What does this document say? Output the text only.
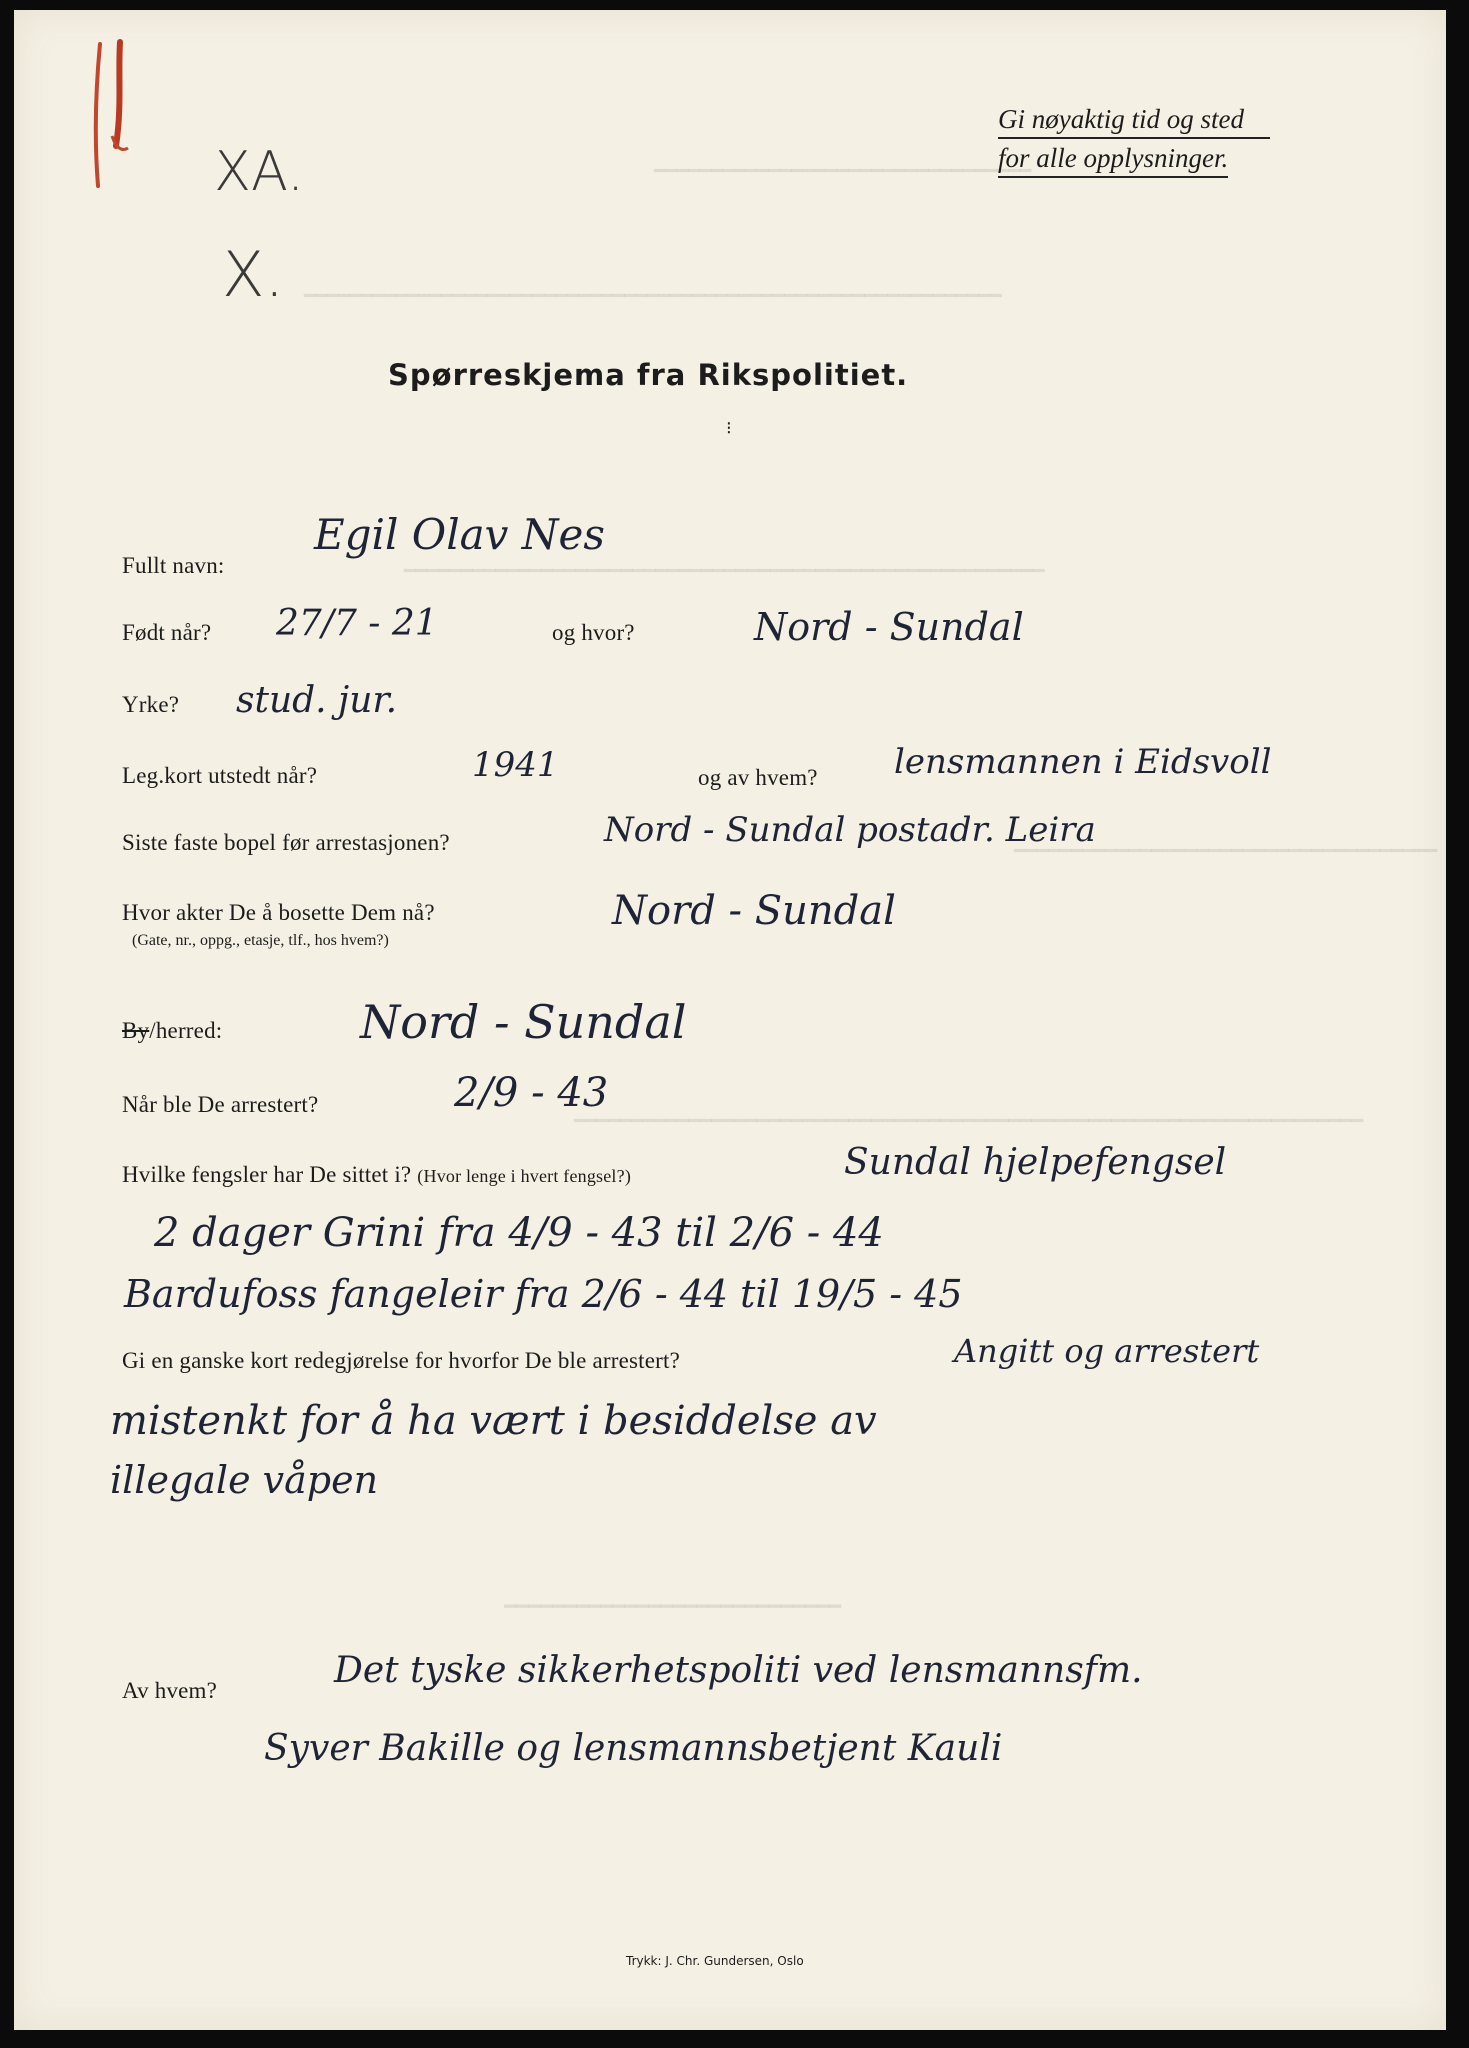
━━━━━━━━━━━━━━━━━━━━━━━━━━━━━━━━━
━━━━━━━━━━━━━━━━━━━━━━━━━━━━━━━━━━━━━━━━━━━━━━━━━━━━━━━━━━━━━
━━━━━━━━━━━━━━━━━━━━━━━━━━━━━━━━━━━━━━━━━━━━━━━━━━━━━━━━
━━━━━━━━━━━━━━━━━━━━━━━━━━━━━━━━━━━━━
━━━━━━━━━━━━━━━━━━━━━━━━━━━━━━━━━━━━━━━━━━━━━━━━━━━━━━━━━━━━━━━━━━━━━
Gi nøyaktig tid og sted
for alle opplysninger.
XA.
X.
Spørreskjema fra Rikspolitiet.
⁝
Fullt navn:
Egil Olav Nes
Født når? 27/7 - 21	og hvor?	Nord - Sundal
Yrke? stud. jur.
Leg.kort utstedt når?	1941	og av hvem? lensmannen i Eidsvoll
Siste faste bopel før arrestasjonen?	Nord - Sundal postadr. Leira
Hvor akter De å bosette Dem nå?
(Gate, nr., oppg., etasje, tlf., hos hvem?)
Nord - Sundal
By/herred:	Nord - Sundal
Når ble De arrestert?	2/9 - 43
Hvilke fengsler har De sittet i? (Hvor lenge i hvert fengsel?)	Sundal hjelpefengsel
2 dager Grini fra 4/9 - 43 til 2/6 - 44
Bardufoss fangeleir fra 2/6 - 44 til 19/5 - 45
Gi en ganske kort redegjørelse for hvorfor De ble arrestert?	Angitt og arrestert
mistenkt for å ha vært i besiddelse av
illegale våpen
━━━━━━━━━━━━━━━━━━━━━━━━━━━━
Av hvem?	Det tyske sikkerhetspoliti ved lensmannsfm.
Syver Bakille og lensmannsbetjent Kauli
Trykk: J. Chr. Gundersen, Oslo
